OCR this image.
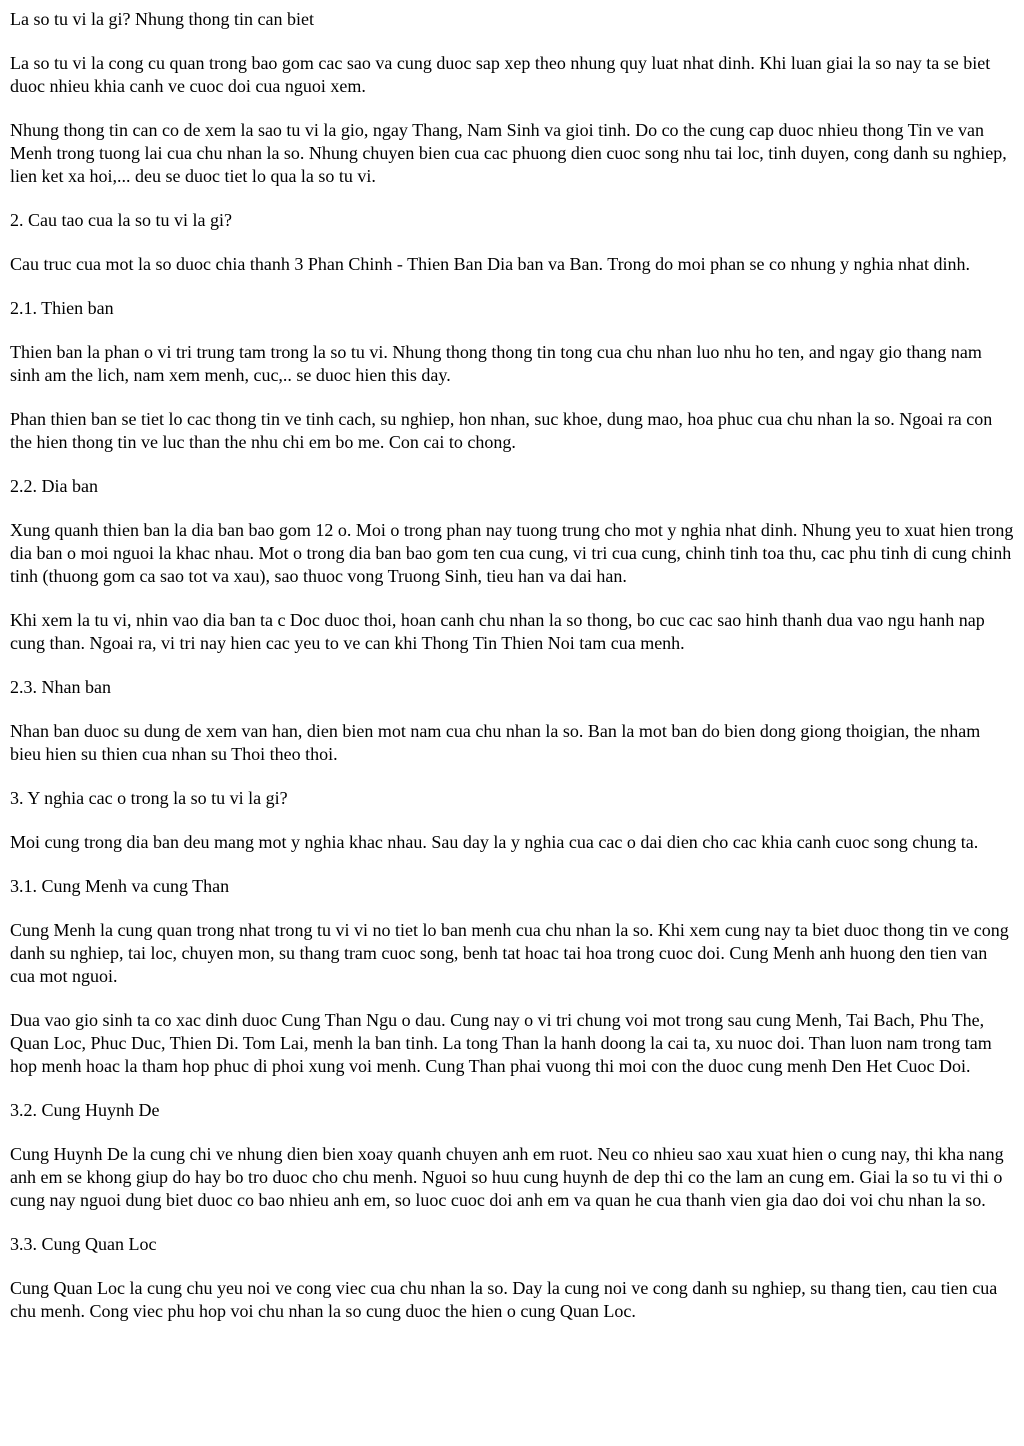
La so tu vi la gi? Nhung thong tin can biet

La so tu vi la cong cu quan trong bao gom cac sao va cung duoc sap xep theo nhung quy luat nhat dinh. Khi luan giai la so nay ta se biet duoc nhieu khia canh ve cuoc doi cua nguoi xem.

Nhung thong tin can co de xem la sao tu vi la gio, ngay Thang, Nam Sinh va gioi tinh. Do co the cung cap duoc nhieu thong Tin ve van Menh trong tuong lai cua chu nhan la so. Nhung chuyen bien cua cac phuong dien cuoc song nhu tai loc, tinh duyen, cong danh su nghiep, lien ket xa hoi,... deu se duoc tiet lo qua la so tu vi.

2. Cau tao cua la so tu vi la gi?

Cau truc cua mot la so duoc chia thanh 3 Phan Chinh - Thien Ban Dia ban va Ban. Trong do moi phan se co nhung y nghia nhat dinh.

2.1. Thien ban

Thien ban la phan o vi tri trung tam trong la so tu vi. Nhung thong thong tin tong cua chu nhan luo nhu ho ten, and ngay gio thang nam sinh am the lich, nam xem menh, cuc,.. se duoc hien this day.

Phan thien ban se tiet lo cac thong tin ve tinh cach, su nghiep, hon nhan, suc khoe, dung mao, hoa phuc cua chu nhan la so. Ngoai ra con the hien thong tin ve luc than the nhu chi em bo me. Con cai to chong.

2.2. Dia ban

Xung quanh thien ban la dia ban bao gom 12 o. Moi o trong phan nay tuong trung cho mot y nghia nhat dinh. Nhung yeu to xuat hien trong dia ban o moi nguoi la khac nhau. Mot o trong dia ban bao gom ten cua cung, vi tri cua cung, chinh tinh toa thu, cac phu tinh di cung chinh tinh (thuong gom ca sao tot va xau), sao thuoc vong Truong Sinh, tieu han va dai han.

Khi xem la tu vi, nhin vao dia ban ta c Doc duoc thoi, hoan canh chu nhan la so thong, bo cuc cac sao hinh thanh dua vao ngu hanh nap cung than. Ngoai ra, vi tri nay hien cac yeu to ve can khi Thong Tin Thien Noi tam cua menh.

2.3. Nhan ban

Nhan ban duoc su dung de xem van han, dien bien mot nam cua chu nhan la so. Ban la mot ban do bien dong giong thoigian, the nham bieu hien su thien cua nhan su Thoi theo thoi.

3. Y nghia cac o trong la so tu vi la gi?

Moi cung trong dia ban deu mang mot y nghia khac nhau. Sau day la y nghia cua cac o dai dien cho cac khia canh cuoc song chung ta.

3.1. Cung Menh va cung Than

Cung Menh la cung quan trong nhat trong tu vi vi no tiet lo ban menh cua chu nhan la so. Khi xem cung nay ta biet duoc thong tin ve cong danh su nghiep, tai loc, chuyen mon, su thang tram cuoc song, benh tat hoac tai hoa trong cuoc doi. Cung Menh anh huong den tien van cua mot nguoi.

Dua vao gio sinh ta co xac dinh duoc Cung Than Ngu o dau. Cung nay o vi tri chung voi mot trong sau cung Menh, Tai Bach, Phu The, Quan Loc, Phuc Duc, Thien Di. Tom Lai, menh la ban tinh. La tong Than la hanh doong la cai ta, xu nuoc doi. Than luon nam trong tam hop menh hoac la tham hop phuc di phoi xung voi menh. Cung Than phai vuong thi moi con the duoc cung menh Den Het Cuoc Doi.

3.2. Cung Huynh De

Cung Huynh De la cung chi ve nhung dien bien xoay quanh chuyen anh em ruot. Neu co nhieu sao xau xuat hien o cung nay, thi kha nang anh em se khong giup do hay bo tro duoc cho chu menh. Nguoi so huu cung huynh de dep thi co the lam an cung em. Giai la so tu vi thi o cung nay nguoi dung biet duoc co bao nhieu anh em, so luoc cuoc doi anh em va quan he cua thanh vien gia dao doi voi chu nhan la so.

3.3. Cung Quan Loc

Cung Quan Loc la cung chu yeu noi ve cong viec cua chu nhan la so. Day la cung noi ve cong danh su nghiep, su thang tien, cau tien cua chu menh. Cong viec phu hop voi chu nhan la so cung duoc the hien o cung Quan Loc.
